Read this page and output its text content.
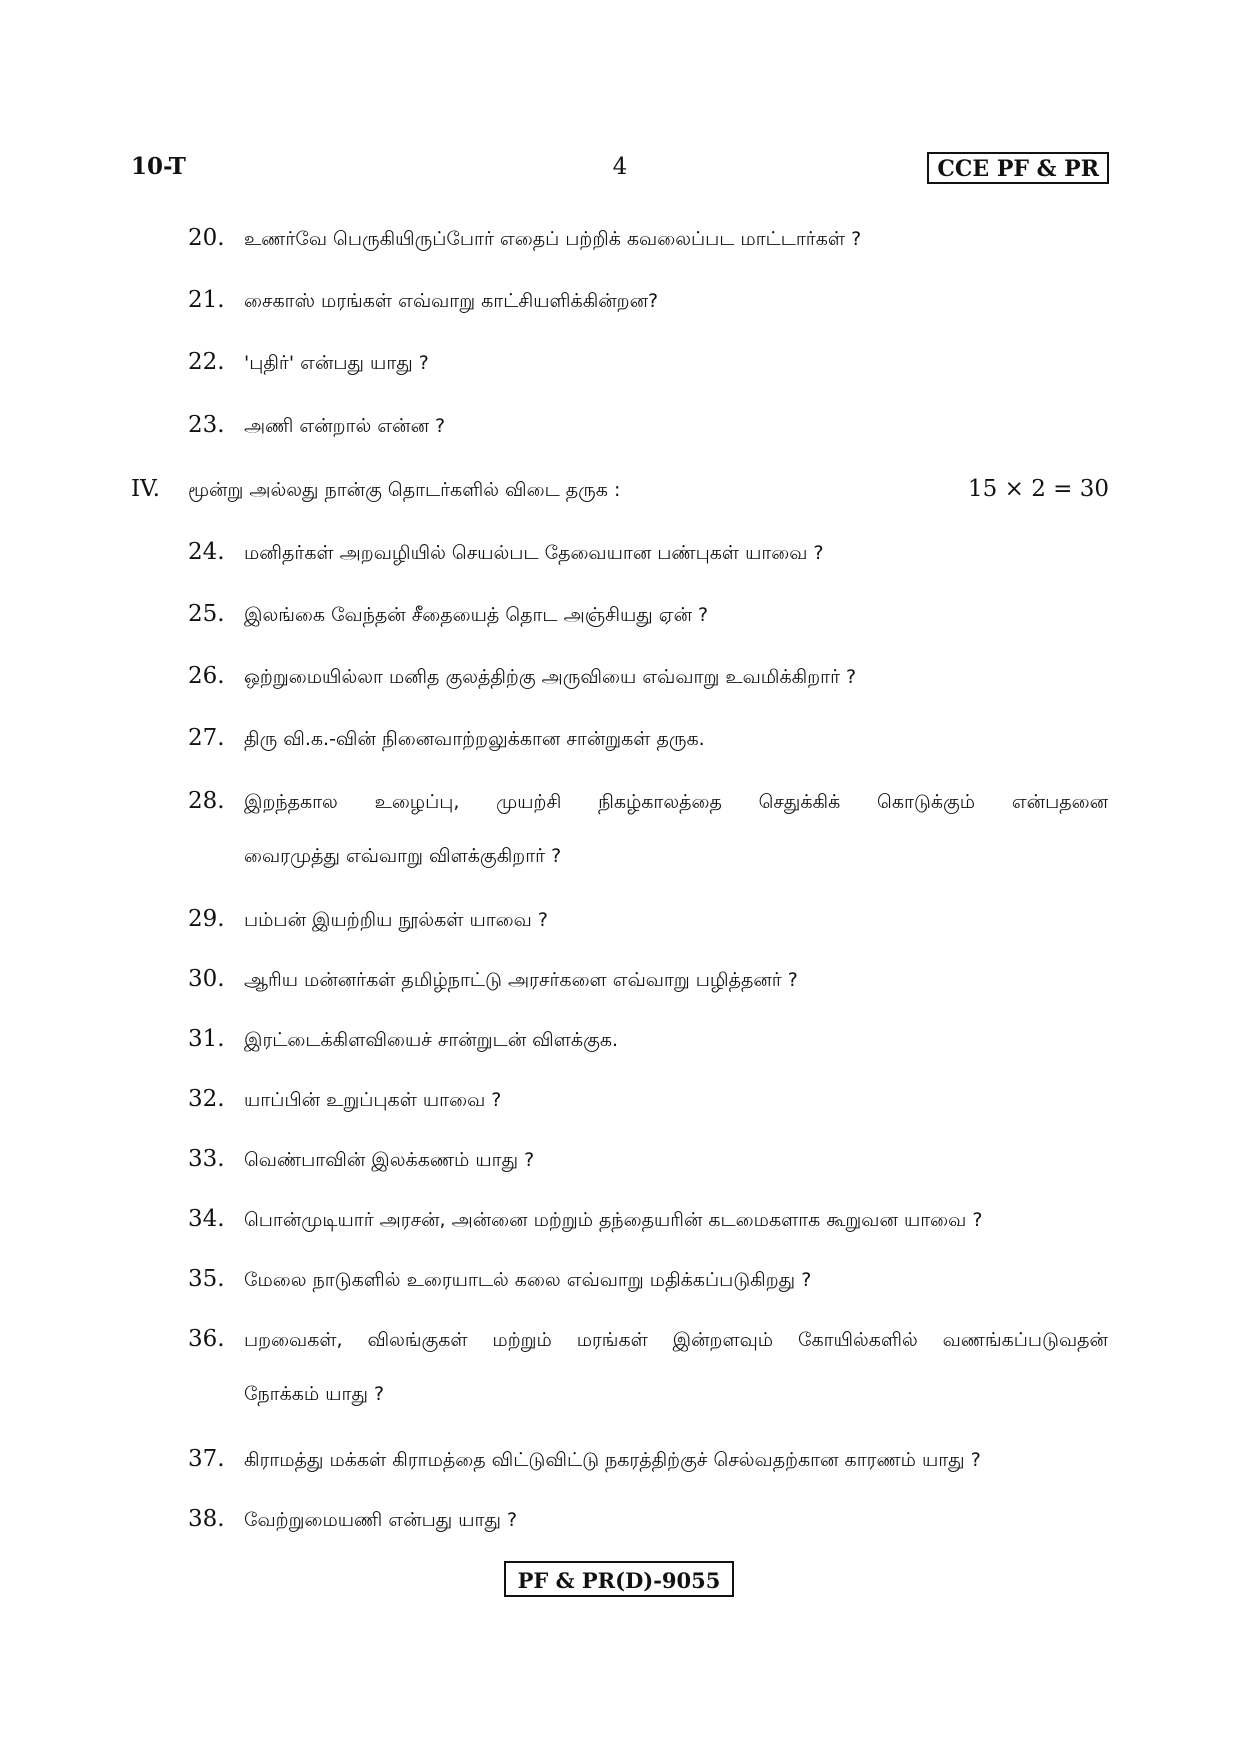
10-T	4	CCE PF & PR
20. உணர்வே பெருகியிருப்போர் எதைப் பற்றிக் கவலைப்பட மாட்டார்கள் ?
21. சைகாஸ் மரங்கள் எவ்வாறு காட்சியளிக்கின்றன?
22. 'புதிர்' என்பது யாது ?
23. அணி என்றால் என்ன ?
IV. மூன்று அல்லது நான்கு தொடர்களில் விடை தருக :	15 × 2 = 30
24. மனிதர்கள் அறவழியில் செயல்பட தேவையான பண்புகள் யாவை ?
25. இலங்கை வேந்தன் சீதையைத் தொட அஞ்சியது ஏன் ?
26. ஒற்றுமையில்லா மனித குலத்திற்கு அருவியை எவ்வாறு உவமிக்கிறார் ?
27. திரு வி.க.-வின் நினைவாற்றலுக்கான சான்றுகள் தருக.
28.	இறந்தகால உழைப்பு, முயற்சி நிகழ்காலத்தை செதுக்கிக் கொடுக்கும் என்பதனை
வைரமுத்து எவ்வாறு விளக்குகிறார் ?
29. பம்பன் இயற்றிய நூல்கள் யாவை ?
30. ஆரிய மன்னர்கள் தமிழ்நாட்டு அரசர்களை எவ்வாறு பழித்தனர் ?
31. இரட்டைக்கிளவியைச் சான்றுடன் விளக்குக.
32. யாப்பின் உறுப்புகள் யாவை ?
33. வெண்பாவின் இலக்கணம் யாது ?
34. பொன்முடியார் அரசன், அன்னை மற்றும் தந்தையரின் கடமைகளாக கூறுவன யாவை ?
35. மேலை நாடுகளில் உரையாடல் கலை எவ்வாறு மதிக்கப்படுகிறது ?
36.	பறவைகள், விலங்குகள் மற்றும் மரங்கள் இன்றளவும் கோயில்களில் வணங்கப்படுவதன்
நோக்கம் யாது ?
37. கிராமத்து மக்கள் கிராமத்தை விட்டுவிட்டு நகரத்திற்குச் செல்வதற்கான காரணம் யாது ?
38. வேற்றுமையணி என்பது யாது ?
PF & PR(D)-9055
